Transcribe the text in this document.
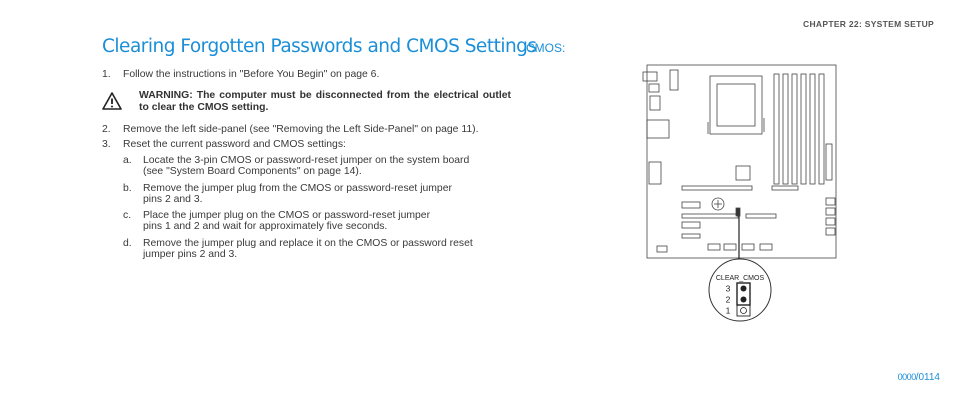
CHAPTER 22: SYSTEM SETUP
Clearing Forgotten Passwords and CMOS Settings
CMOS:
1. Follow the instructions in "Before You Begin" on page 6.
WARNING: The computer must be disconnected from the electrical outlet to clear the CMOS setting.
2. Remove the left side-panel (see "Removing the Left Side-Panel" on page 11).
3. Reset the current password and CMOS settings:
a. Locate the 3-pin CMOS or password-reset jumper on the system board
(see "System Board Components" on page 14).
b. Remove the jumper plug from the CMOS or password-reset jumper
pins 2 and 3.
c. Place the jumper plug on the CMOS or password-reset jumper
pins 1 and 2 and wait for approximately five seconds.
d. Remove the jumper plug and replace it on the CMOS or password reset
jumper pins 2 and 3.
CLEAR_CMOS
3
2
1
0000/0114
